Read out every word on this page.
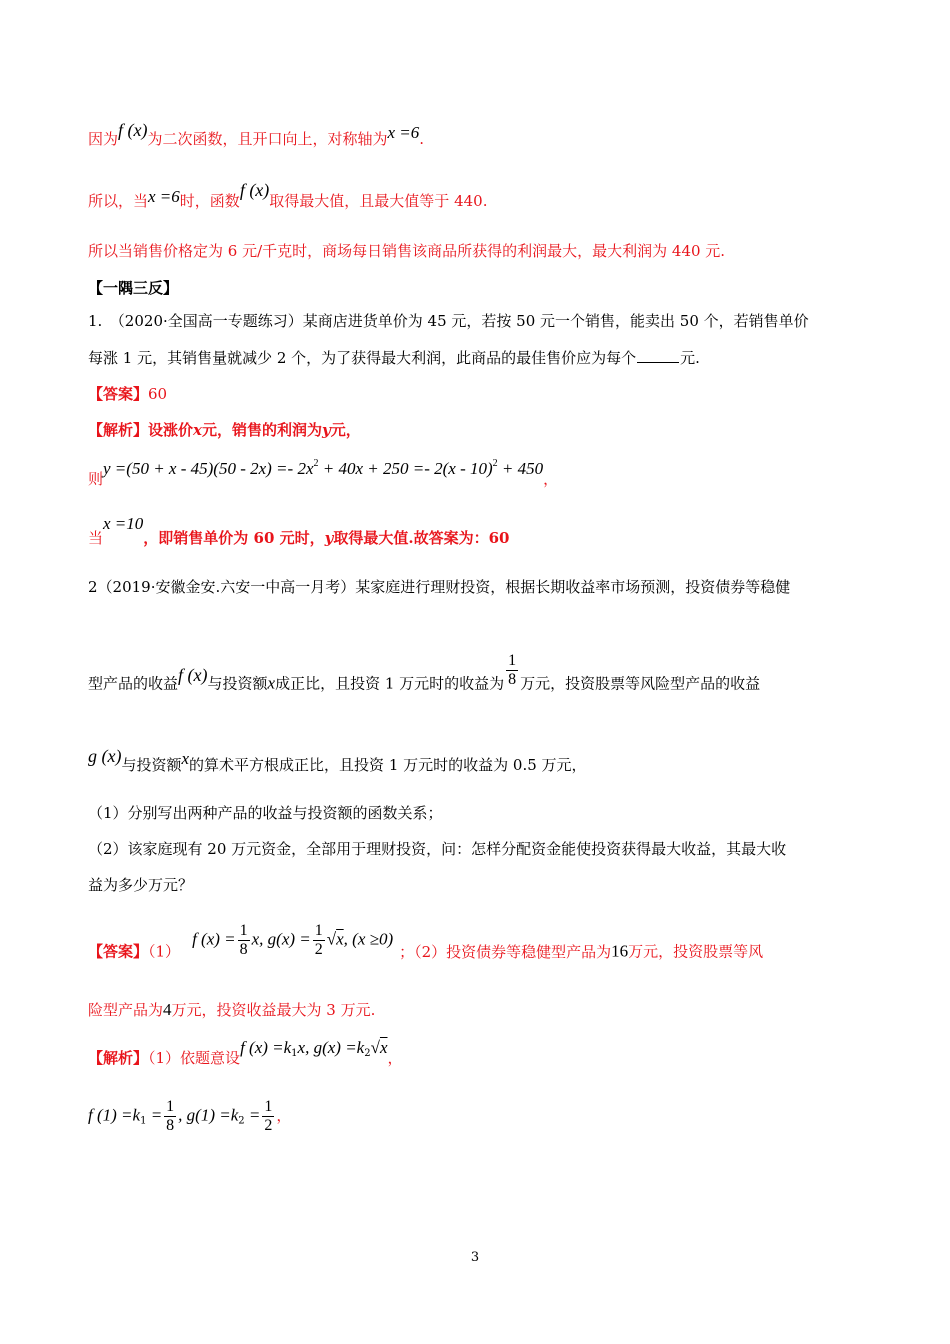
因为f (x)为二次函数，且开口向上，对称轴为x =6.
所以，当x =6时，函数f (x)取得最大值，且最大值等于 440.
所以当销售价格定为 6 元/千克时，商场每日销售该商品所获得的利润最大，最大利润为 440 元.
【一隅三反】
1.　（2020·全国高一专题练习）某商店进货单价为 45 元，若按 50 元一个销售，能卖出 50 个，若销售单价
每涨 1 元，其销售量就减少 2 个，为了获得最大利润，此商品的最佳售价应为每个	元.
【答案】60
【解析】设涨价x元，销售的利润为y元，
则$y =(50 + x - 45)(50 - 2x) =- 2x^2 + 40x + 250 =- 2(x - 10)^2 + 450$，
当x =10，即销售单价为 60 元时，y取得最大值.故答案为：60
2（2019·安徽金安.六安一中高一月考）某家庭进行理财投资，根据长期收益率市场预测，投资债券等稳健
型产品的收益f (x)与投资额x成正比，且投资 1 万元时的收益为 $\frac{1}{8}$ 万元，投资股票等风险型产品的收益
g (x)与投资额x的算术平方根成正比，且投资 1 万元时的收益为 0.5 万元，
（1）分别写出两种产品的收益与投资额的函数关系；
（2）该家庭现有 20 万元资金，全部用于理财投资，问：怎样分配资金能使投资获得最大收益，其最大收
益为多少万元？
【答案】（1）f $(x) = \frac{1}{8} x$, $g(x) = \frac{1}{2} √x$, (x ≥0)；（2）投资债券等稳健型产品为16万元，投资股票等风
险型产品为4万元，投资收益最大为 3 万元.
【解析】（1）依题意设f $(x) =k_1x$, $g(x) =k_2√x$，
f $(1) =k_1 = \frac{1}{8}$ , $g(1) =k_2 = \frac{1}{2}$ ，
3
